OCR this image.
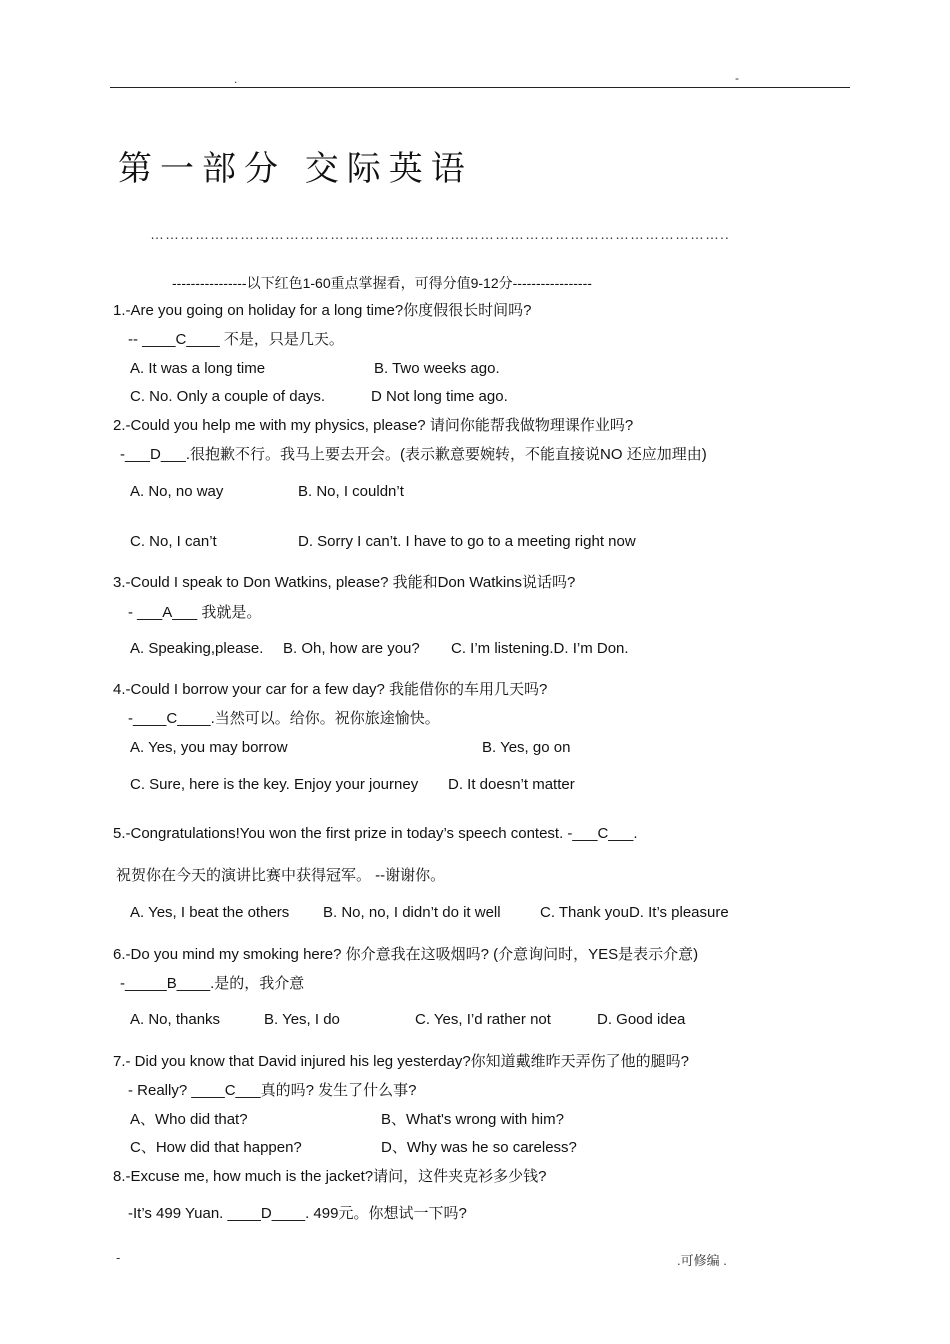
.	-
第一部分 交际英语
……………………………………………………………………………………………………..
----------------以下红色1-60重点掌握看，可得分值9-12分-----------------
1.-Are you going on holiday for a long time?你度假很长时间吗?
-- ____C____ 不是，只是几天。
A. It was a long time	B. Two weeks ago.
C. No. Only a couple of days.	D Not long time ago.
2.-Could you help me with my physics, please? 请问你能帮我做物理课作业吗?
-___D___.很抱歉不行。我马上要去开会。(表示歉意要婉转，不能直接说NO 还应加理由)
A. No, no way	B. No, I couldn’t
C. No, I can’t	D. Sorry I can’t. I have to go to a meeting right now
3.-Could I speak to Don Watkins, please? 我能和Don Watkins说话吗?
- ___A___ 我就是。
A. Speaking,please. B. Oh, how are you? C. I’m listening.D. I’m Don.
4.-Could I borrow your car for a few day? 我能借你的车用几天吗?
-____C____.当然可以。给你。祝你旅途愉快。
A. Yes, you may borrow	B. Yes, go on
C. Sure, here is the key. Enjoy your journey D. It doesn’t matter
5.-Congratulations!You won the first prize in today’s speech contest. -___C___.
祝贺你在今天的演讲比赛中获得冠军。 --谢谢你。
A. Yes, I beat the others B. No, no, I didn’t do it well	C. Thank youD. It’s pleasure
6.-Do you mind my smoking here? 你介意我在这吸烟吗? (介意询问时，YES是表示介意)
-_____B____.是的，我介意
A. No, thanks	B. Yes, I do	C. Yes, I’d rather not	D. Good idea
7.- Did you know that David injured his leg yesterday?你知道戴维昨天弄伤了他的腿吗?
- Really? ____C___真的吗? 发生了什么事?
A、Who did that?	B、What's wrong with him?
C、How did that happen?	D、Why was he so careless?
8.-Excuse me, how much is the jacket?请问，这件夹克衫多少钱?
-It’s 499 Yuan. ____D____. 499元。你想试一下吗?
-	.可修编 .
